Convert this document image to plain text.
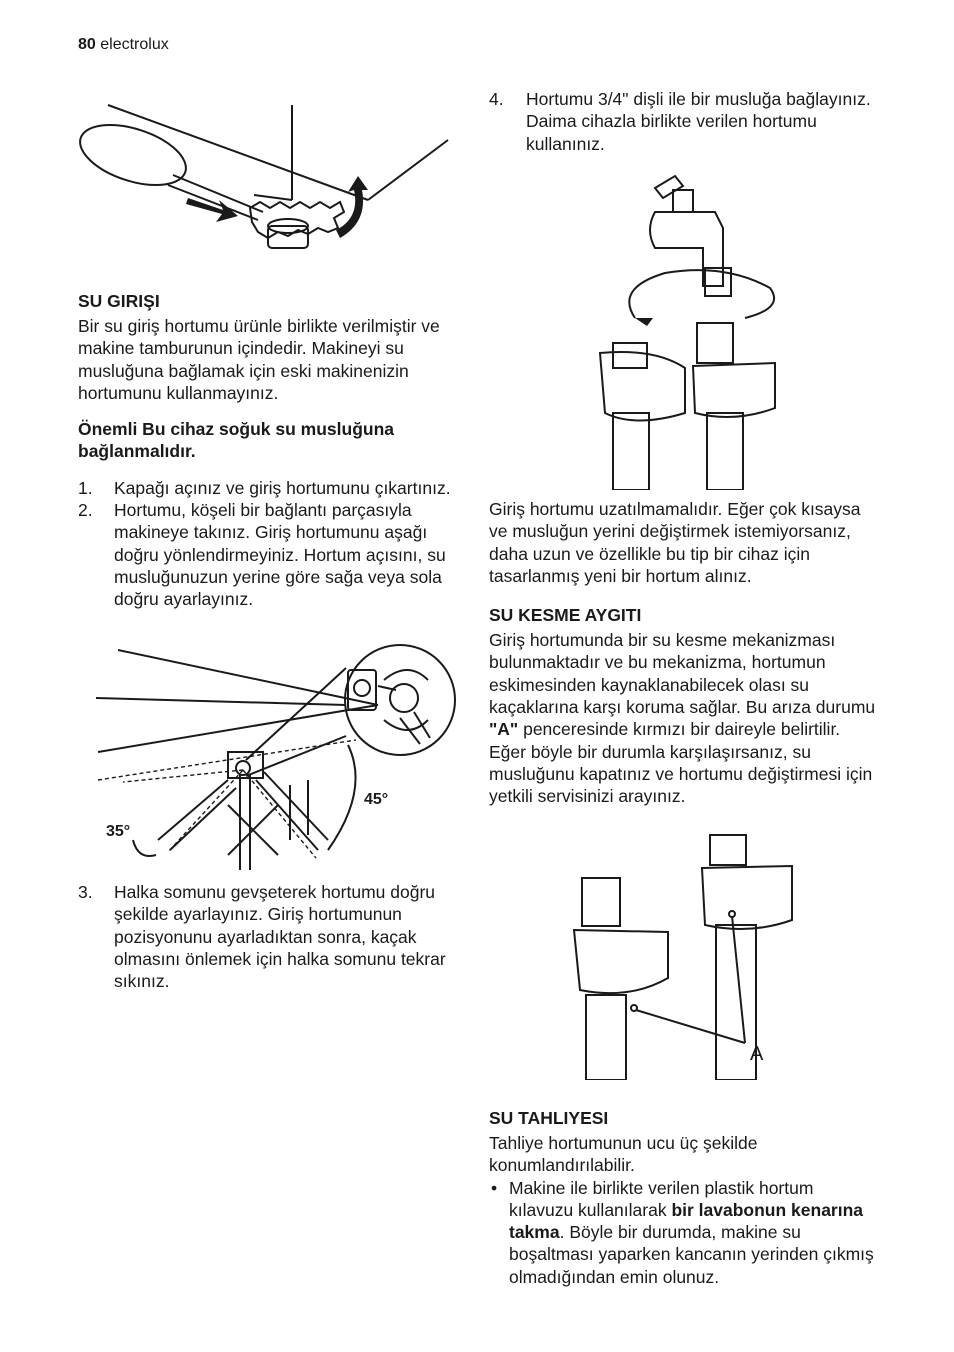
80 electrolux
SU GIRIŞI

Bir su giriş hortumu ürünle birlikte verilmiştir ve makine tamburunun içindedir. Makineyi su musluğuna bağlamak için eski makinenizin hortumunu kullanmayınız.

Önemli Bu cihaz soğuk su musluğuna bağlanmalıdır.

1. Kapağı açınız ve giriş hortumunu çıkartınız.
2. Hortumu, köşeli bir bağlantı parçasıyla makineye takınız. Giriş hortumunu aşağı doğru yönlendirmeyiniz. Hortum açısını, su musluğunuzun yerine göre sağa veya sola doğru ayarlayınız.
45°
35°
3. Halka somunu gevşeterek hortumu doğru şekilde ayarlayınız. Giriş hortumunun pozisyonunu ayarladıktan sonra, kaçak olmasını önlemek için halka somunu tekrar sıkınız.
4. Hortumu 3/4" dişli ile bir musluğa bağlayınız. Daima cihazla birlikte verilen hortumu kullanınız.

Giriş hortumu uzatılmamalıdır. Eğer çok kısaysa ve musluğun yerini değiştirmek istemiyorsanız, daha uzun ve özellikle bu tip bir cihaz için tasarlanmış yeni bir hortum alınız.

SU KESME AYGITI

Giriş hortumunda bir su kesme mekanizması bulunmaktadır ve bu mekanizma, hortumun eskimesinden kaynaklanabilecek olası su kaçaklarına karşı koruma sağlar. Bu arıza durumu "A" penceresinde kırmızı bir daireyle belirtilir. Eğer böyle bir durumla karşılaşırsanız, su musluğunu kapatınız ve hortumu değiştirmesi için yetkili servisinizi arayınız.

A
SU TAHLIYESI

Tahliye hortumunun ucu üç şekilde konumlandırılabilir.

• Makine ile birlikte verilen plastik hortum kılavuzu kullanılarak bir lavabonun kenarına takma. Böyle bir durumda, makine su boşaltması yaparken kancanın yerinden çıkmış olmadığından emin olunuz.
